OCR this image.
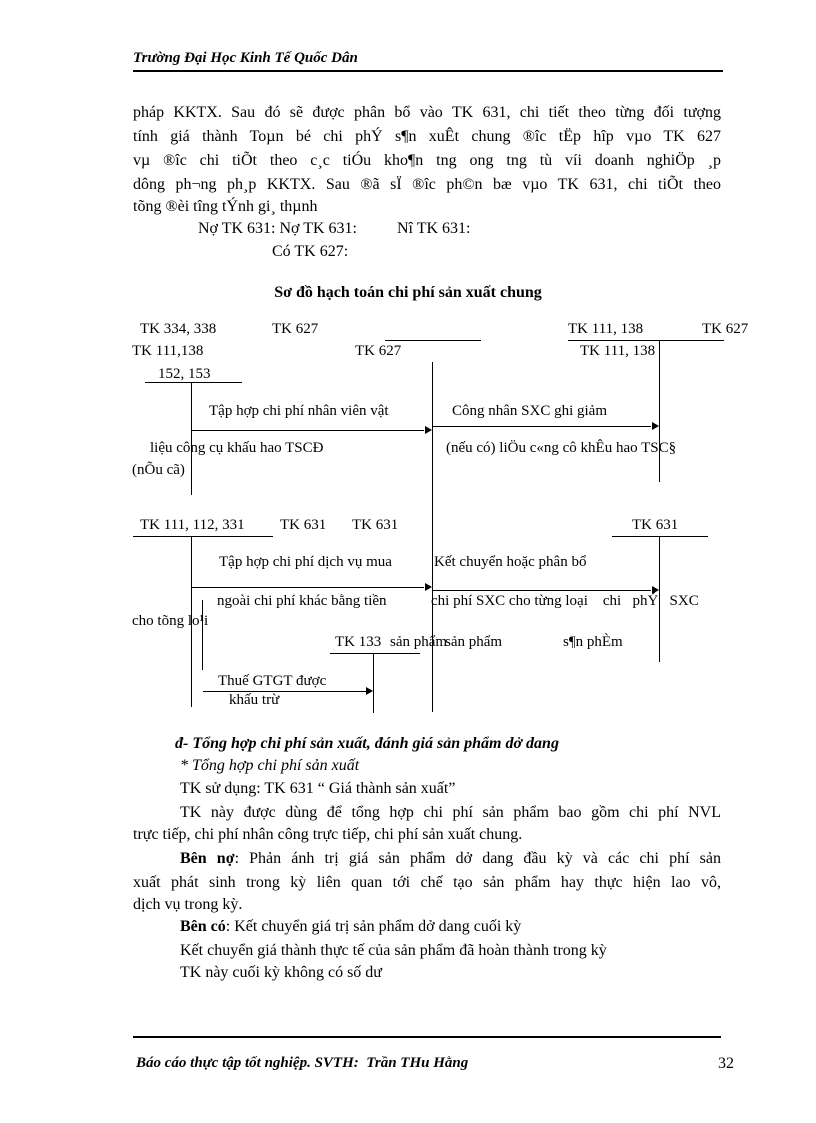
Trường Đại Học Kinh Tế Quốc Dân

pháp KKTX. Sau đó sẽ được phân bổ vào TK 631, chi tiết theo từng đối tượng

tính giá thành Toµn bé chi phÝ s¶n xuÊt chung ®îc tËp hîp vµo TK 627

vµ ®îc chi tiÕt theo c¸c tiÓu kho¶n tng ong tng tù víi doanh nghiÖp ¸p

dông ph¬ng ph¸p KKTX. Sau ®ã sÏ ®îc ph©n bæ vµo TK 631, chi tiÕt theo

tõng ®èi tîng tÝnh gi¸ thµnh

Nợ TK 631: Nợ TK 631:          Nî TK 631:

Có TK 627:

Sơ đồ hạch toán chi phí sản xuất chung
TK 334, 338	TK 627	TK 111, 138	TK 627
TK 111,138	TK 627	TK 111, 138
152, 153
Tập hợp chi phí nhân viên vật	Công nhân SXC ghi giảm
liệu công cụ khấu hao TSCĐ	(nếu có) liÖu c«ng cô khÊu hao TSC§
(nÕu cã)
TK 111, 112, 331 TK 631 TK 631	TK 631
Tập hợp chi phí dịch vụ mua	Kết chuyển hoặc phân bổ
ngoài chi phí khác bằng tiền	chi phí SXC cho từng loại    chi   phÝ   SXC
cho tõng lo¹i
TK 133 sản phẩm
sản phẩm	s¶n phÈm
Thuế GTGT được
khấu trừ
đ- Tổng hợp chi phí sản xuất, đánh giá sản phẩm dở dang
* Tổng hợp chi phí sản xuất

TK sử dụng: TK 631 “ Giá thành sản xuất”

TK này được dùng để tổng hợp chi phí sản phẩm bao gồm chi phí NVL

trực tiếp, chi phí nhân công trực tiếp, chi phí sản xuất chung.

Bên nợ: Phản ánh trị giá sản phẩm dở dang đầu kỳ và các chi phí sản

xuất phát sinh trong kỳ liên quan tới chế tạo sản phẩm hay thực hiện lao vô,

dịch vụ trong kỳ.

Bên có: Kết chuyển giá trị sản phẩm dở dang cuối kỳ

Kết chuyển giá thành thực tế của sản phẩm đã hoàn thành trong kỳ

TK này cuối kỳ không có số dư

Báo cáo thực tập tốt nghiệp. SVTH:  Trần THu Hằng	32
